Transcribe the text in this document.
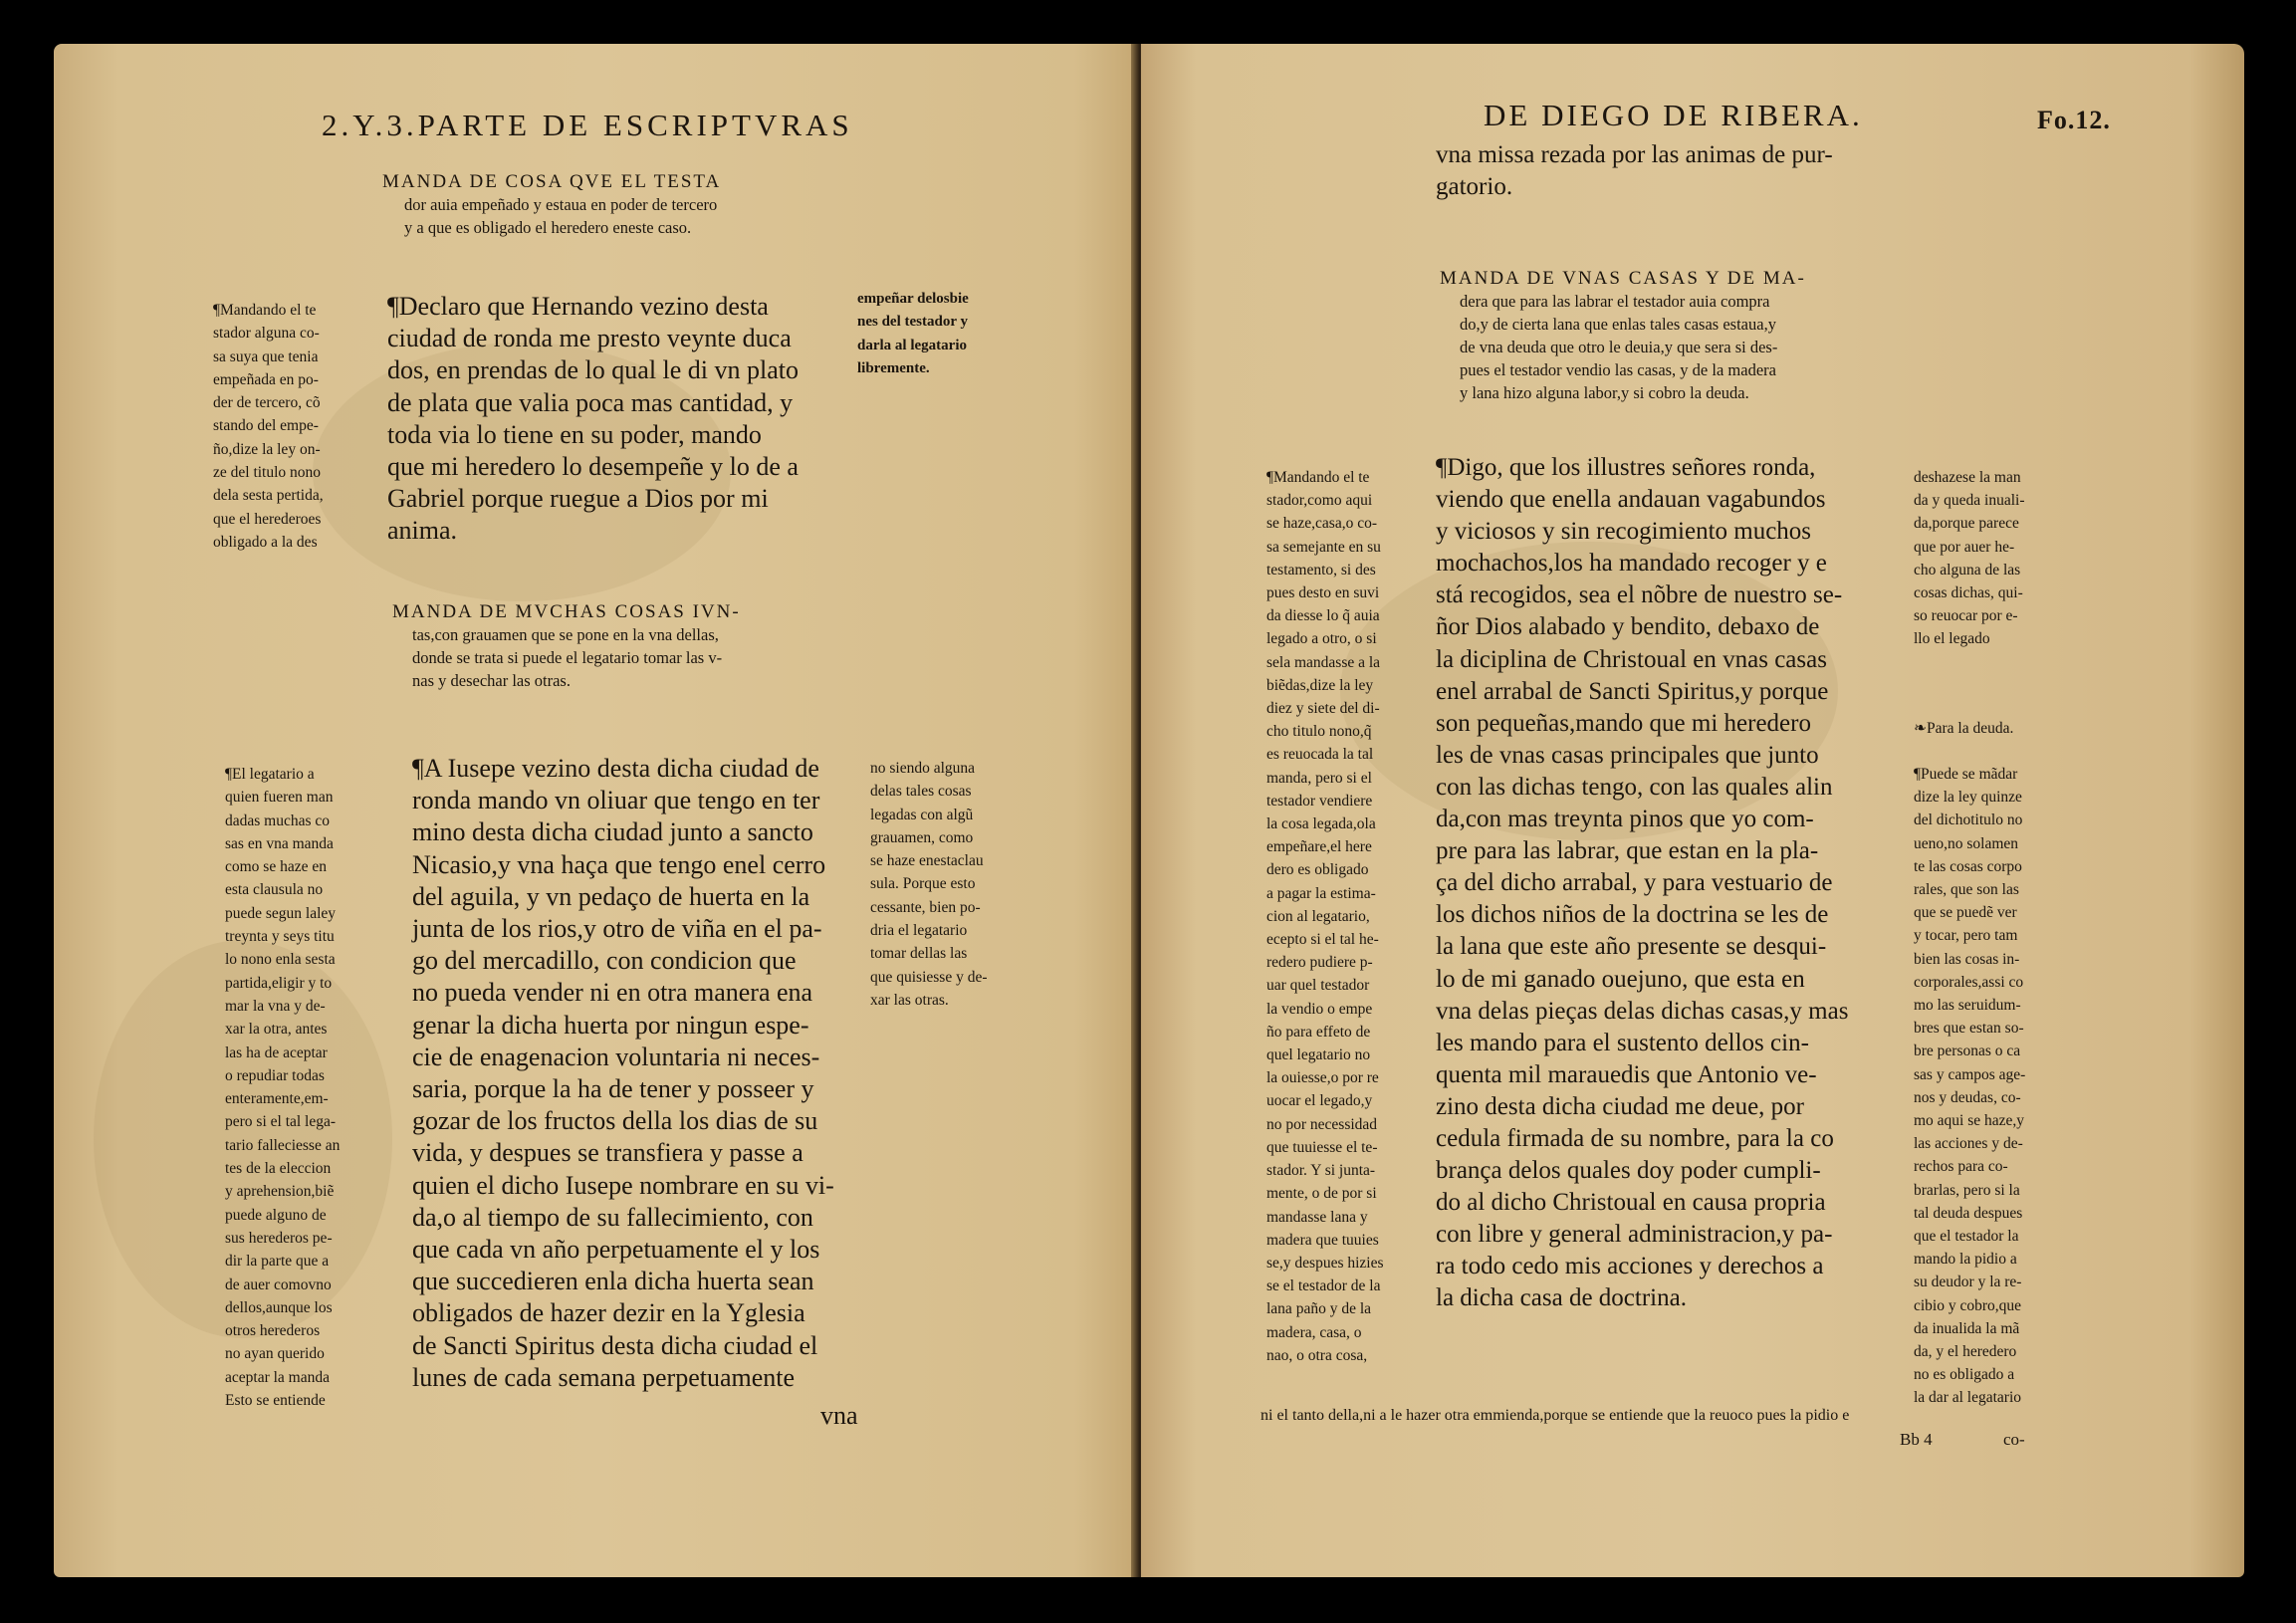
2.Y.3.PARTE DE ESCRIPTVRAS
MANDA DE COSA QVE EL TESTA
dor auia empeñado y estaua en poder de tercero
y a que es obligado el heredero eneste caso.
¶Mandando el te
stador alguna co-
sa suya que tenia
empeñada en po-
der de tercero, cõ
stando del empe-
ño,dize la ley on-
ze del titulo nono
dela sesta pertida,
que el herederoes
obligado a la des
¶Declaro que Hernando vezino desta
ciudad de ronda me presto veynte duca
dos, en prendas de lo qual le di vn plato
de plata que valia poca mas cantidad, y
toda via lo tiene en su poder, mando
que mi heredero lo desempeñe y lo de a
Gabriel porque ruegue a Dios por mi
anima.
empeñar delosbie
nes del testador y
darla al legatario
libremente.
MANDA DE MVCHAS COSAS IVN-
tas,con grauamen que se pone en la vna dellas,
donde se trata si puede el legatario tomar las v-
nas y desechar las otras.
¶El legatario a
quien fueren man
dadas muchas co
sas en vna manda
como se haze en
esta clausula no
puede segun laley
treynta y seys titu
lo nono enla sesta
partida,eligir y to
mar la vna y de-
xar la otra, antes
las ha de aceptar
o repudiar todas
enteramente,em-
pero si el tal lega-
tario falleciesse an
tes de la eleccion
y aprehension,biẽ
puede alguno de
sus herederos pe-
dir la parte que a
de auer comovno
dellos,aunque los
otros herederos
no ayan querido
aceptar la manda
Esto se entiende
¶A Iusepe vezino desta dicha ciudad de
ronda mando vn oliuar que tengo en ter
mino desta dicha ciudad junto a sancto
Nicasio,y vna haça que tengo enel cerro
del aguila, y vn pedaço de huerta en la
junta de los rios,y otro de viña en el pa-
go del mercadillo, con condicion que
no pueda vender ni en otra manera ena
genar la dicha huerta por ningun espe-
cie de enagenacion voluntaria ni neces-
saria, porque la ha de tener y posseer y
gozar de los fructos della los dias de su
vida, y despues se transfiera y passe a
quien el dicho Iusepe nombrare en su vi-
da,o al tiempo de su fallecimiento, con
que cada vn año perpetuamente el y los
que succedieren enla dicha huerta sean
obligados de hazer dezir en la Yglesia
de Sancti Spiritus desta dicha ciudad el
lunes de cada semana perpetuamente
vna
no siendo alguna
delas tales cosas
legadas con algũ
grauamen, como
se haze enestaclau
sula. Porque esto
cessante, bien po-
dria el legatario
tomar dellas las
que quisiesse y de-
xar las otras.
DE DIEGO DE RIBERA.	Fo.12.
vna missa rezada por las animas de pur-
gatorio.
MANDA DE VNAS CASAS Y DE MA-
dera que para las labrar el testador auia compra
do,y de cierta lana que enlas tales casas estaua,y
de vna deuda que otro le deuia,y que sera si des-
pues el testador vendio las casas, y de la madera
y lana hizo alguna labor,y si cobro la deuda.
¶Mandando el te
stador,como aqui
se haze,casa,o co-
sa semejante en su
testamento, si des
pues desto en suvi
da diesse lo q̃ auia
legado a otro, o si
sela mandasse a la
biẽdas,dize la ley
diez y siete del di-
cho titulo nono,q̃
es reuocada la tal
manda, pero si el
testador vendiere
la cosa legada,ola
empeñare,el here
dero es obligado
a pagar la estima-
cion al legatario,
ecepto si el tal he-
redero pudiere p-
uar quel testador
la vendio o empe
ño para effeto de
quel legatario no
la ouiesse,o por re
uocar el legado,y
no por necessidad
que tuuiesse el te-
stador. Y si junta-
mente, o de por si
mandasse lana y
madera que tuuies
se,y despues hizies
se el testador de la
lana paño y de la
madera, casa, o
nao, o otra cosa,
¶Digo, que los illustres señores ronda,
viendo que enella andauan vagabundos
y viciosos y sin recogimiento muchos
mochachos,los ha mandado recoger y e
stá recogidos, sea el nõbre de nuestro se-
ñor Dios alabado y bendito, debaxo de
la diciplina de Christoual en vnas casas
enel arrabal de Sancti Spiritus,y porque
son pequeñas,mando que mi heredero
les de vnas casas principales que junto
con las dichas tengo, con las quales alin
da,con mas treynta pinos que yo com-
pre para las labrar, que estan en la pla-
ça del dicho arrabal, y para vestuario de
los dichos niños de la doctrina se les de
la lana que este año presente se desqui-
lo de mi ganado ouejuno, que esta en
vna delas pieças delas dichas casas,y mas
les mando para el sustento dellos cin-
quenta mil marauedis que Antonio ve-
zino desta dicha ciudad me deue, por
cedula firmada de su nombre, para la co
brança delos quales doy poder cumpli-
do al dicho Christoual en causa propria
con libre y general administracion,y pa-
ra todo cedo mis acciones y derechos a
la dicha casa de doctrina.
deshazese la man
da y queda inuali-
da,porque parece
que por auer he-
cho alguna de las
cosas dichas, qui-
so reuocar por e-
llo el legado
❧Para la deuda.
¶Puede se mãdar
dize la ley quinze
del dichotitulo no
ueno,no solamen
te las cosas corpo
rales, que son las
que se puedẽ ver
y tocar, pero tam
bien las cosas in-
corporales,assi co
mo las seruidum-
bres que estan so-
bre personas o ca
sas y campos age-
nos y deudas, co-
mo aqui se haze,y
las acciones y de-
rechos para co-
brarlas, pero si la
tal deuda despues
que el testador la
mando la pidio a
su deudor y la re-
cibio y cobro,que
da inualida la mã
da, y el heredero
no es obligado a
la dar al legatario
ni el tanto della,ni a le hazer otra emmienda,porque se entiende que la reuoco pues la pidio e
Bb 4	co-
